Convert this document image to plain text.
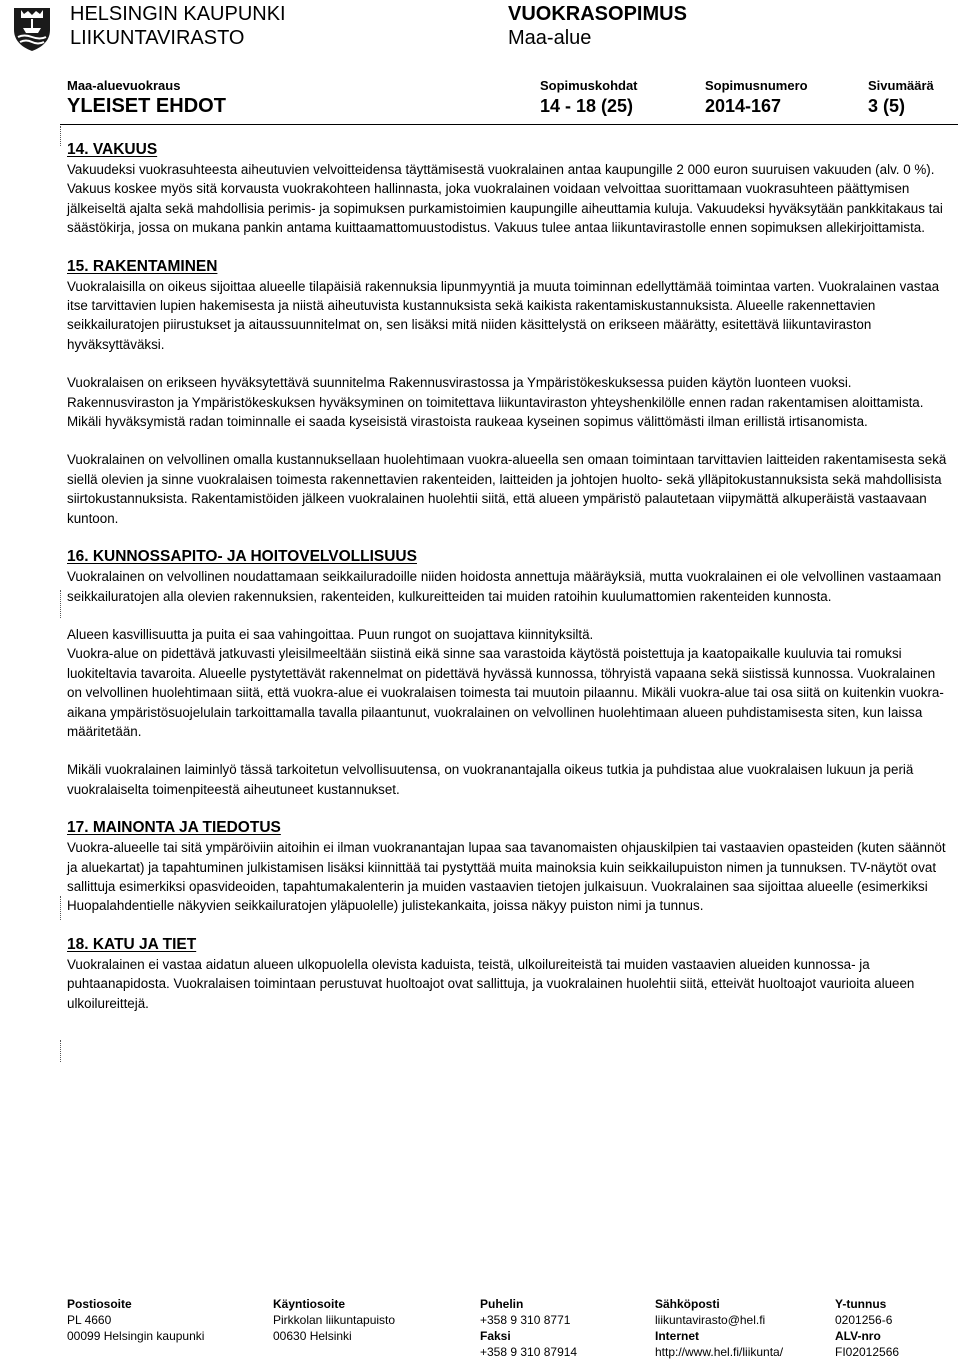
HELSINGIN KAUPUNKI
LIIKUNTAVIRASTO
VUOKRASOPIMUS
Maa-alue
Maa-aluevuokraus
YLEISET EHDOT
Sopimuskohdat
14 - 18 (25)
Sopimusnumero
2014-167
Sivumäärä
3 (5)
14. VAKUUS

Vakuudeksi vuokrasuhteesta aiheutuvien velvoitteidensa täyttämisestä vuokralainen antaa kaupungille 2 000 euron suuruisen vakuuden (alv. 0 %). Vakuus koskee myös sitä korvausta vuokrakohteen hallinnasta, joka vuokralainen voidaan velvoittaa suorittamaan vuokrasuhteen päättymisen jälkeiseltä ajalta sekä mahdollisia perimis- ja sopimuksen purkamistoimien kaupungille aiheuttamia kuluja. Vakuudeksi hyväksytään pankkitakaus tai säästökirja, jossa on mukana pankin antama kuittaamattomuustodistus. Vakuus tulee antaa liikuntavirastolle ennen sopimuksen allekirjoittamista.

15. RAKENTAMINEN

Vuokralaisilla on oikeus sijoittaa alueelle tilapäisiä rakennuksia lipunmyyntiä ja muuta toiminnan edellyttämää toimintaa varten. Vuokralainen vastaa itse tarvittavien lupien hakemisesta ja niistä aiheutuvista kustannuksista sekä kaikista rakentamiskustannuksista. Alueelle rakennettavien seikkailuratojen piirustukset ja aitaussuunnitelmat on, sen lisäksi mitä niiden käsittelystä on erikseen määrätty, esitettävä liikuntaviraston hyväksyttäväksi.

Vuokralaisen on erikseen hyväksytettävä suunnitelma Rakennusvirastossa ja Ympäristökeskuksessa puiden käytön luonteen vuoksi. Rakennusviraston ja Ympäristökeskuksen hyväksyminen on toimitettava liikuntaviraston yhteyshenkilölle ennen radan rakentamisen aloittamista. Mikäli hyväksymistä radan toiminnalle ei saada kyseisistä virastoista raukeaa kyseinen sopimus välittömästi ilman erillistä irtisanomista.

Vuokralainen on velvollinen omalla kustannuksellaan huolehtimaan vuokra-alueella sen omaan toimintaan tarvittavien laitteiden rakentamisesta sekä siellä olevien ja sinne vuokralaisen toimesta rakennettavien rakenteiden, laitteiden ja johtojen huolto- sekä ylläpitokustannuksista sekä mahdollisista siirtokustannuksista. Rakentamistöiden jälkeen vuokralainen huolehtii siitä, että alueen ympäristö palautetaan viipymättä alkuperäistä vastaavaan kuntoon.

16. KUNNOSSAPITO- JA HOITOVELVOLLISUUS

Vuokralainen on velvollinen noudattamaan seikkailuradoille niiden hoidosta annettuja määräyksiä, mutta vuokralainen ei ole velvollinen vastaamaan seikkailuratojen alla olevien rakennuksien, rakenteiden, kulkureitteiden tai muiden ratoihin kuulumattomien rakenteiden kunnosta.

Alueen kasvillisuutta ja puita ei saa vahingoittaa. Puun rungot on suojattava kiinnityksiltä.

Vuokra-alue on pidettävä jatkuvasti yleisilmeeltään siistinä eikä sinne saa varastoida käytöstä poistettuja ja kaatopaikalle kuuluvia tai romuksi luokiteltavia tavaroita. Alueelle pystytettävät rakennelmat on pidettävä hyvässä kunnossa, töhryistä vapaana sekä siistissä kunnossa. Vuokralainen on velvollinen huolehtimaan siitä, että vuokra-alue ei vuokralaisen toimesta tai muutoin pilaannu. Mikäli vuokra-alue tai osa siitä on kuitenkin vuokra-aikana ympäristösuojelulain tarkoittamalla tavalla pilaantunut, vuokralainen on velvollinen huolehtimaan alueen puhdistamisesta siten, kun laissa määritetään.

Mikäli vuokralainen laiminlyö tässä tarkoitetun velvollisuutensa, on vuokranantajalla oikeus tutkia ja puhdistaa alue vuokralaisen lukuun ja periä vuokralaiselta toimenpiteestä aiheutuneet kustannukset.

17. MAINONTA JA TIEDOTUS

Vuokra-alueelle tai sitä ympäröiviin aitoihin ei ilman vuokranantajan lupaa saa tavanomaisten ohjauskilpien tai vastaavien opasteiden (kuten säännöt ja aluekartat) ja tapahtuminen julkistamisen lisäksi kiinnittää tai pystyttää muita mainoksia kuin seikkailupuiston nimen ja tunnuksen. TV-näytöt ovat sallittuja esimerkiksi opasvideoiden, tapahtumakalenterin ja muiden vastaavien tietojen julkaisuun. Vuokralainen saa sijoittaa alueelle (esimerkiksi Huopalahdentielle näkyvien seikkailuratojen yläpuolelle) julistekankaita, joissa näkyy puiston nimi ja tunnus.

18. KATU JA TIET

Vuokralainen ei vastaa aidatun alueen ulkopuolella olevista kaduista, teistä, ulkoilureiteistä tai muiden vastaavien alueiden kunnossa- ja puhtaanapidosta. Vuokralaisen toimintaan perustuvat huoltoajot ovat sallittuja, ja vuokralainen huolehtii siitä, etteivät huoltoajot vaurioita alueen ulkoilureittejä.

Postiosoite
PL 4660
00099 Helsingin kaupunki
Käyntiosoite
Pirkkolan liikuntapuisto
00630 Helsinki
Puhelin
+358 9 310 8771
Faksi
+358 9 310 87914
Sähköposti
liikuntavirasto@hel.fi
Internet
http://www.hel.fi/liikunta/
Y-tunnus
0201256-6
ALV-nro
FI02012566
